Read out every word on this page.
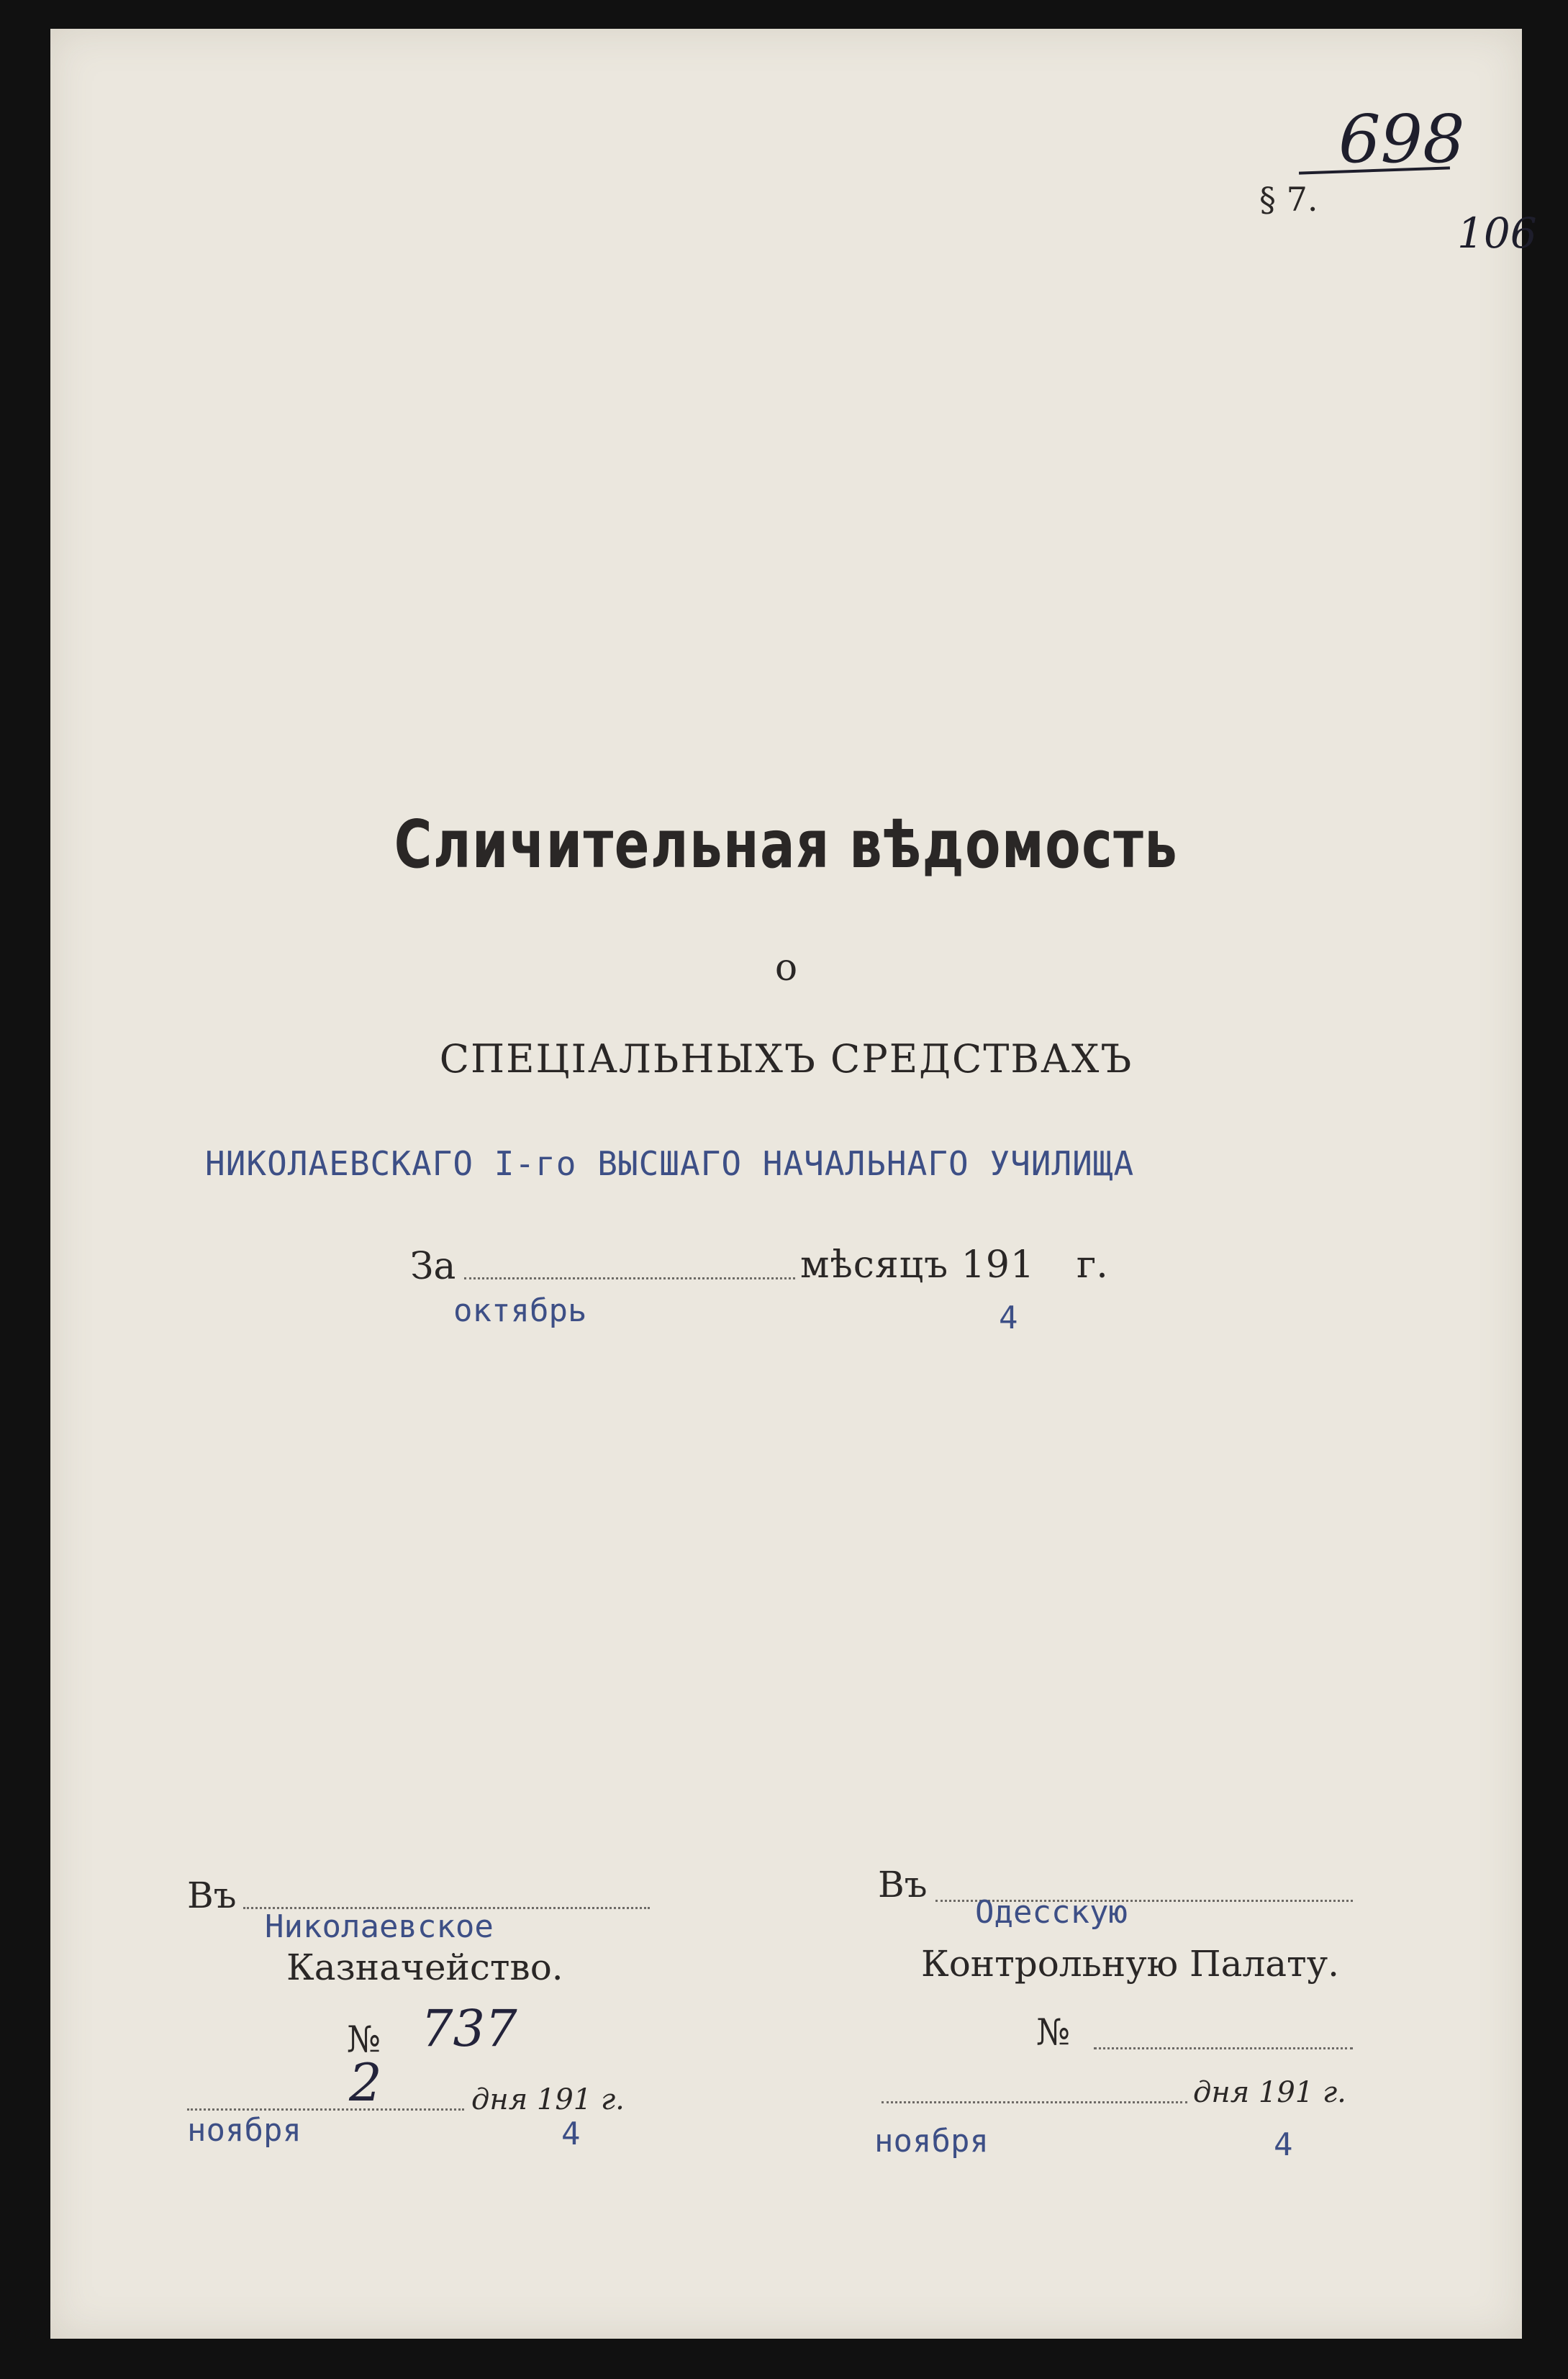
698
106
§ 7.
Сличительная вѣдомость
о
СПЕЦІАЛЬНЫХЪ СРЕДСТВАХЪ
НИКОЛАЕВСКАГО I-го ВЫСШАГО НАЧАЛЬНАГО УЧИЛИЩА
За	мѣсяцъ 191 г.
октябрь	4
Въ
Николаевское
Казначейство.
№ 737
2	дня 191 г.
ноября	4
Въ
Одесскую
Контрольную Палату.
№
дня 191 г.
ноября	4
